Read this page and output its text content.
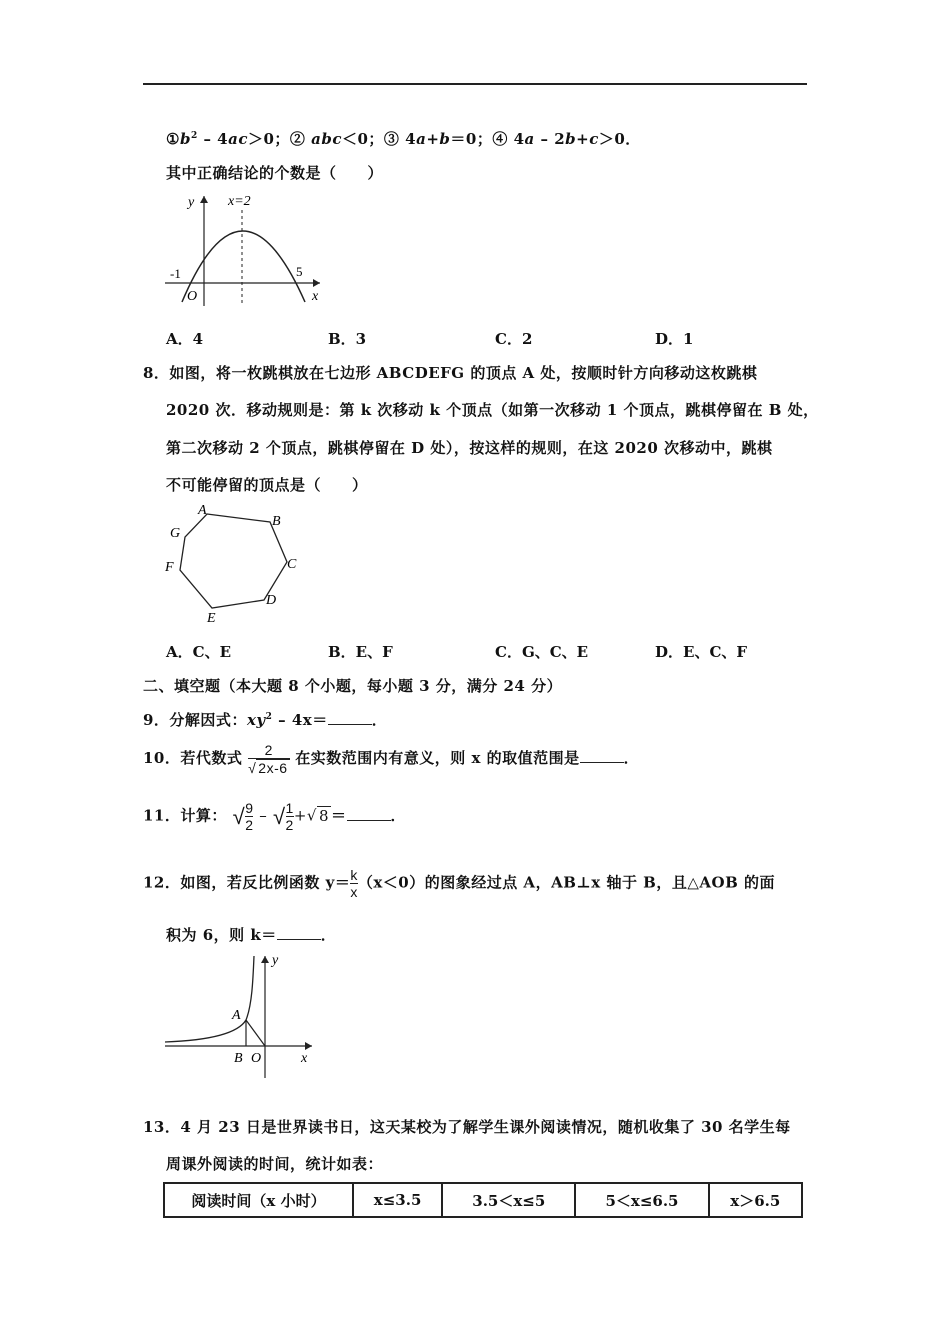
$①b^2 - 4ac>0$；② abc＜0；③ 4a+b＝0；④ 4a – 2b+c＞0．
其中正确结论的个数是（　　）
-1	5
x=2
O	x
y
A．4	B．3	C．2	D．1
8．如图，将一枚跳棋放在七边形 ABCDEFG 的顶点 A 处，按顺时针方向移动这枚跳棋
2020 次．移动规则是：第 k 次移动 k 个顶点（如第一次移动 1 个顶点，跳棋停留在 B 处，
第二次移动 2 个顶点，跳棋停留在 D 处），按这样的规则，在这 2020 次移动中，跳棋
不可能停留的顶点是（　　）
A
B
C
D
E
F
G
A．C、E	B．E、F	C．G、C、E	D．E、C、F
二、填空题（本大题 8 个小题，每小题 3 分，满分 24 分）
9．分解因式：$xy^2 - 4x=$	．
10．若代数式 $\frac{2}{√ 2x-6}$ 在实数范围内有意义，则 x 的取值范围是	．
11．计算： √ $\frac{9}{2}$ – √ $\frac{1}{2}$ +√ 8 ＝	．
12．如图，若反比例函数 $y= \frac{k}{x} (x<0)$的图象经过点 A，AB⊥x 轴于 B，且△AOB 的面
积为 6，则 k＝	．
A
B O	x
y
13．4 月 23 日是世界读书日，这天某校为了解学生课外阅读情况，随机收集了 30 名学生每
周课外阅读的时间，统计如表：
阅读时间（x 小时）	x≤3.5	3.5＜x≤5	5＜x≤6.5	x＞6.5
